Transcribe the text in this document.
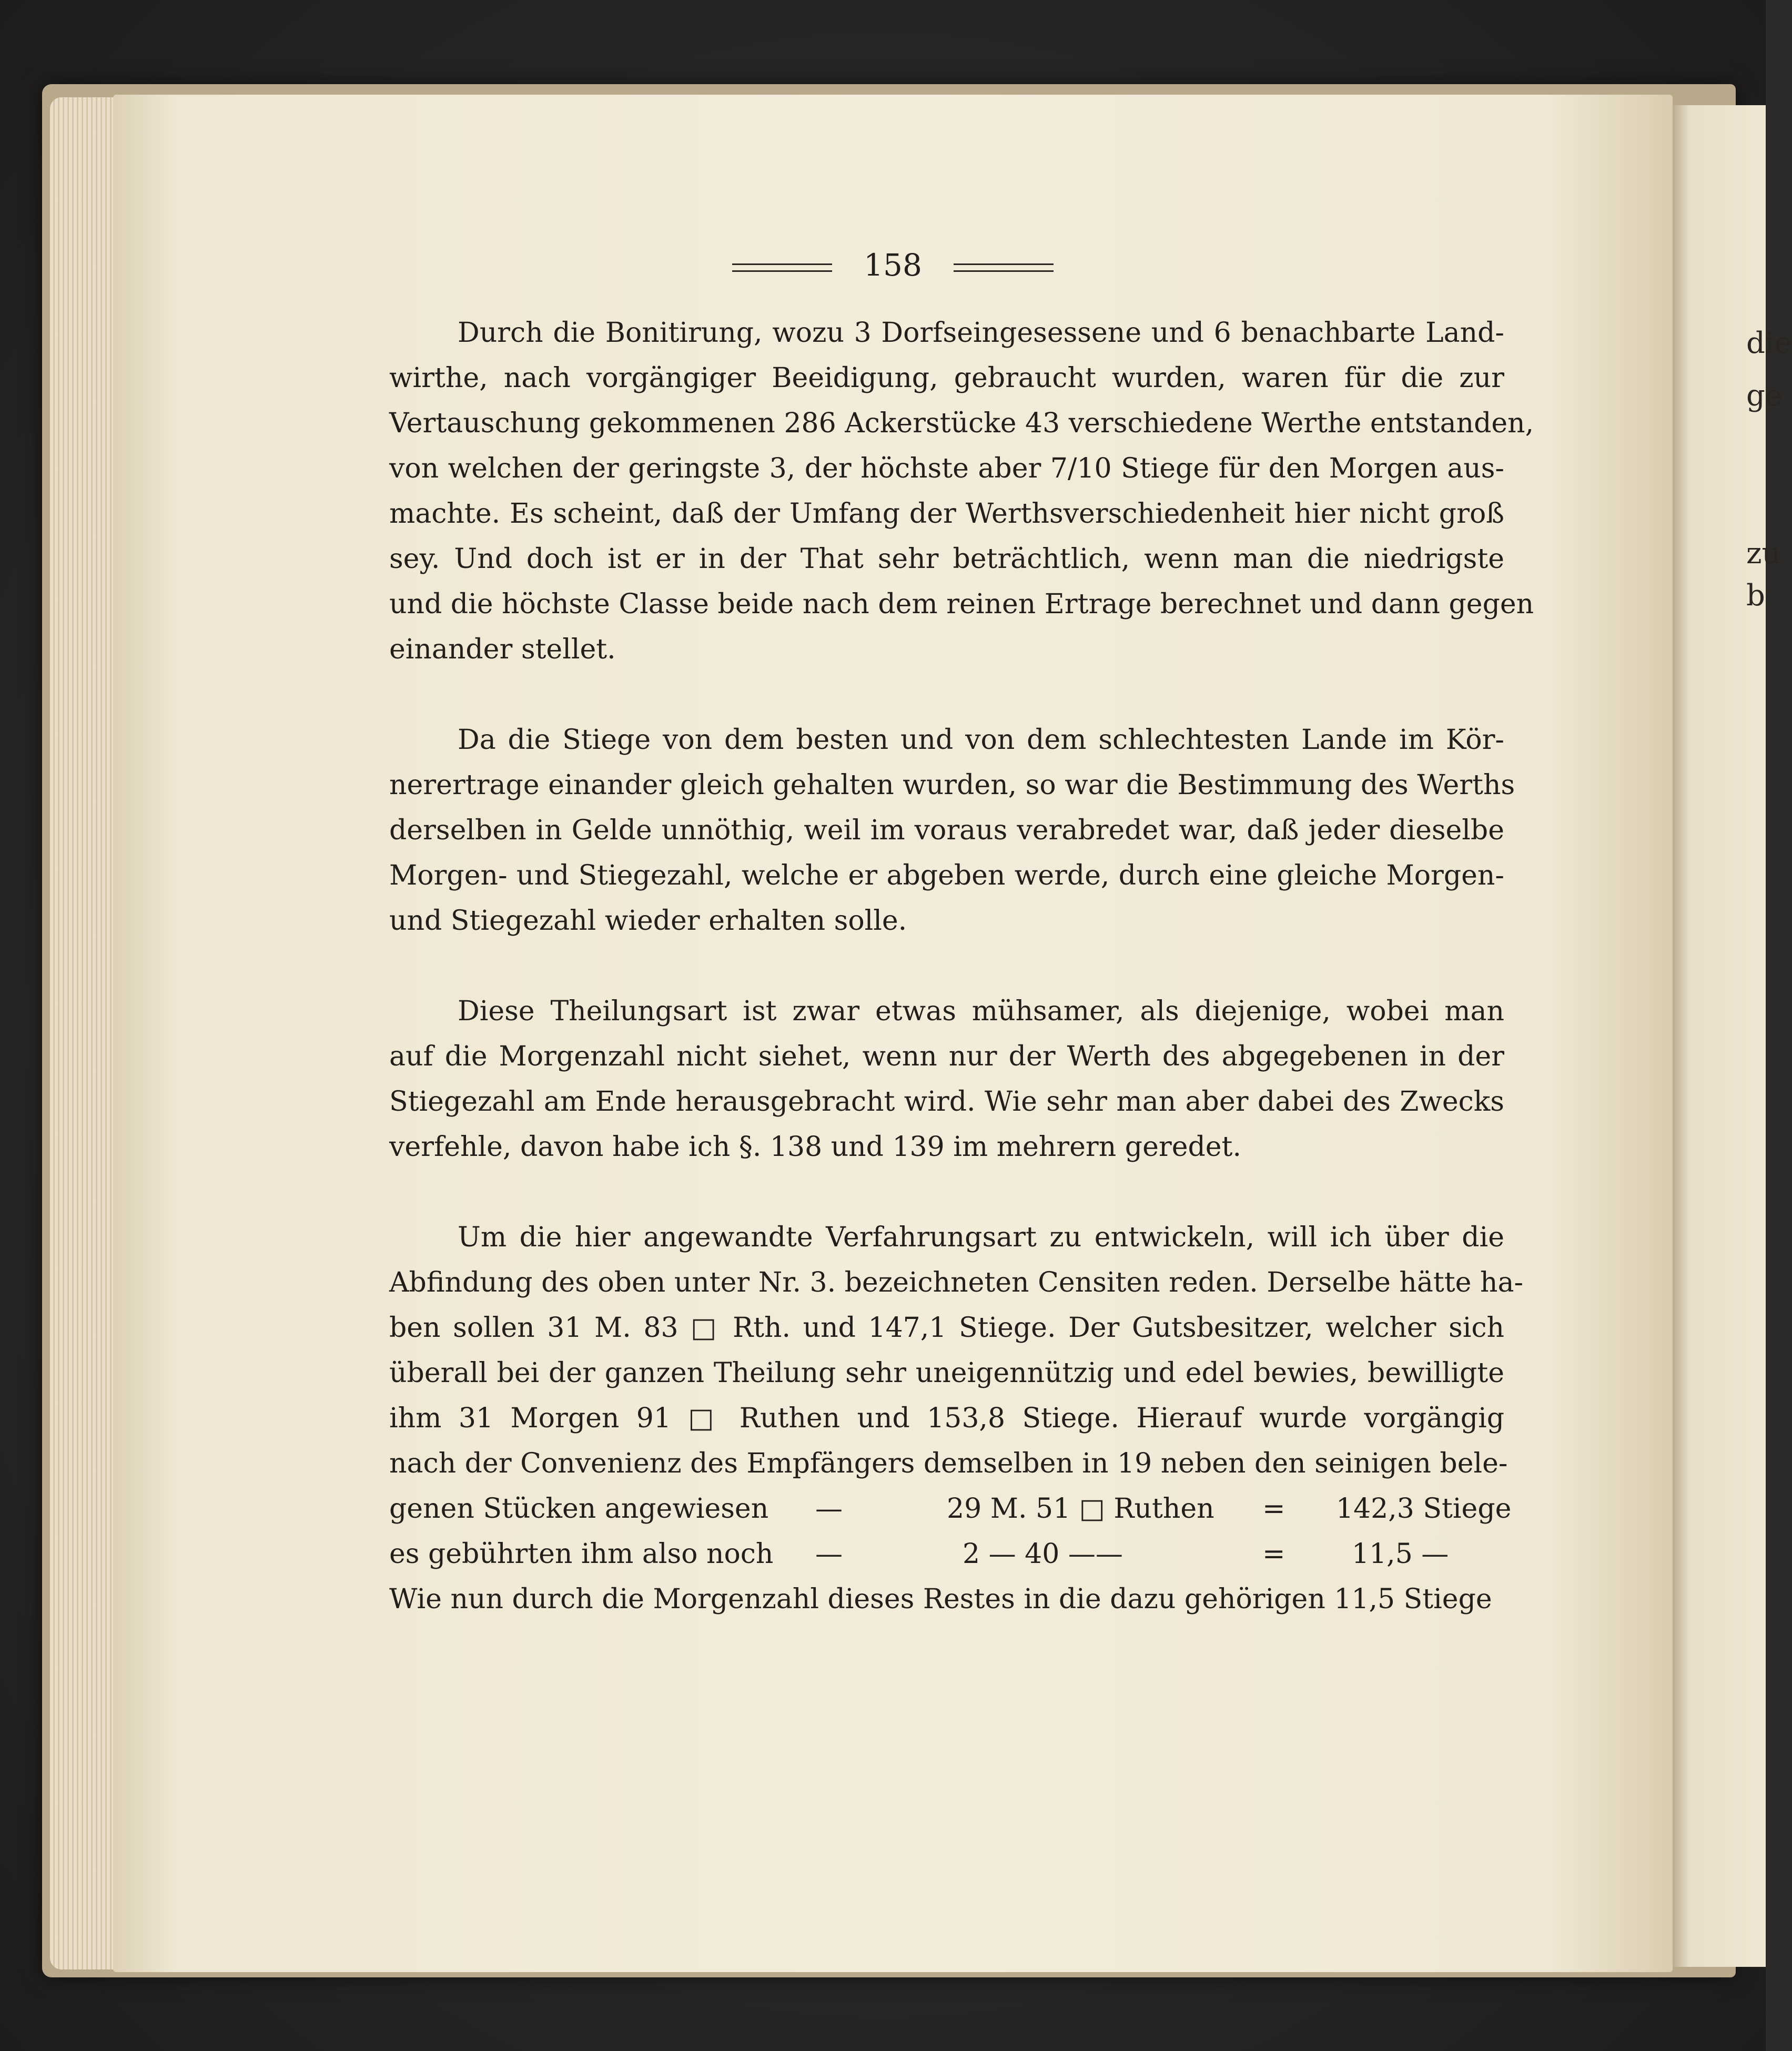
die
ge
zu
b
158
Durch die Bonitirung, wozu 3 Dorfseingesessene und 6 benachbarte Land-
wirthe, nach vorgängiger Beeidigung, gebraucht wurden, waren für die zur
Vertauschung gekommenen 286 Ackerstücke 43 verschiedene Werthe entstanden,
von welchen der geringste 3, der höchste aber 7/10 Stiege für den Morgen aus-
machte. Es scheint, daß der Umfang der Werthsverschiedenheit hier nicht groß
sey. Und doch ist er in der That sehr beträchtlich, wenn man die niedrigste
und die höchste Classe beide nach dem reinen Ertrage berechnet und dann gegen
einander stellet.
Da die Stiege von dem besten und von dem schlechtesten Lande im Kör-
nerertrage einander gleich gehalten wurden, so war die Bestimmung des Werths
derselben in Gelde unnöthig, weil im voraus verabredet war, daß jeder dieselbe
Morgen- und Stiegezahl, welche er abgeben werde, durch eine gleiche Morgen-
und Stiegezahl wieder erhalten solle.
Diese Theilungsart ist zwar etwas mühsamer, als diejenige, wobei man
auf die Morgenzahl nicht siehet, wenn nur der Werth des abgegebenen in der
Stiegezahl am Ende herausgebracht wird. Wie sehr man aber dabei des Zwecks
verfehle, davon habe ich §. 138 und 139 im mehrern geredet.
Um die hier angewandte Verfahrungsart zu entwickeln, will ich über die
Abfindung des oben unter Nr. 3. bezeichneten Censiten reden. Derselbe hätte ha-
ben sollen 31 M. 83 □ Rth. und 147,1 Stiege. Der Gutsbesitzer, welcher sich
überall bei der ganzen Theilung sehr uneigennützig und edel bewies, bewilligte
ihm 31 Morgen 91 □ Ruthen und 153,8 Stiege. Hierauf wurde vorgängig
nach der Convenienz des Empfängers demselben in 19 neben den seinigen bele-
genen Stücken angewiesen —	29 M. 51 □ Ruthen = 142,3 Stiege
es gebührten ihm also noch —	2 — 40 ——	= 11,5 —
Wie nun durch die Morgenzahl dieses Restes in die dazu gehörigen 11,5 Stiege
